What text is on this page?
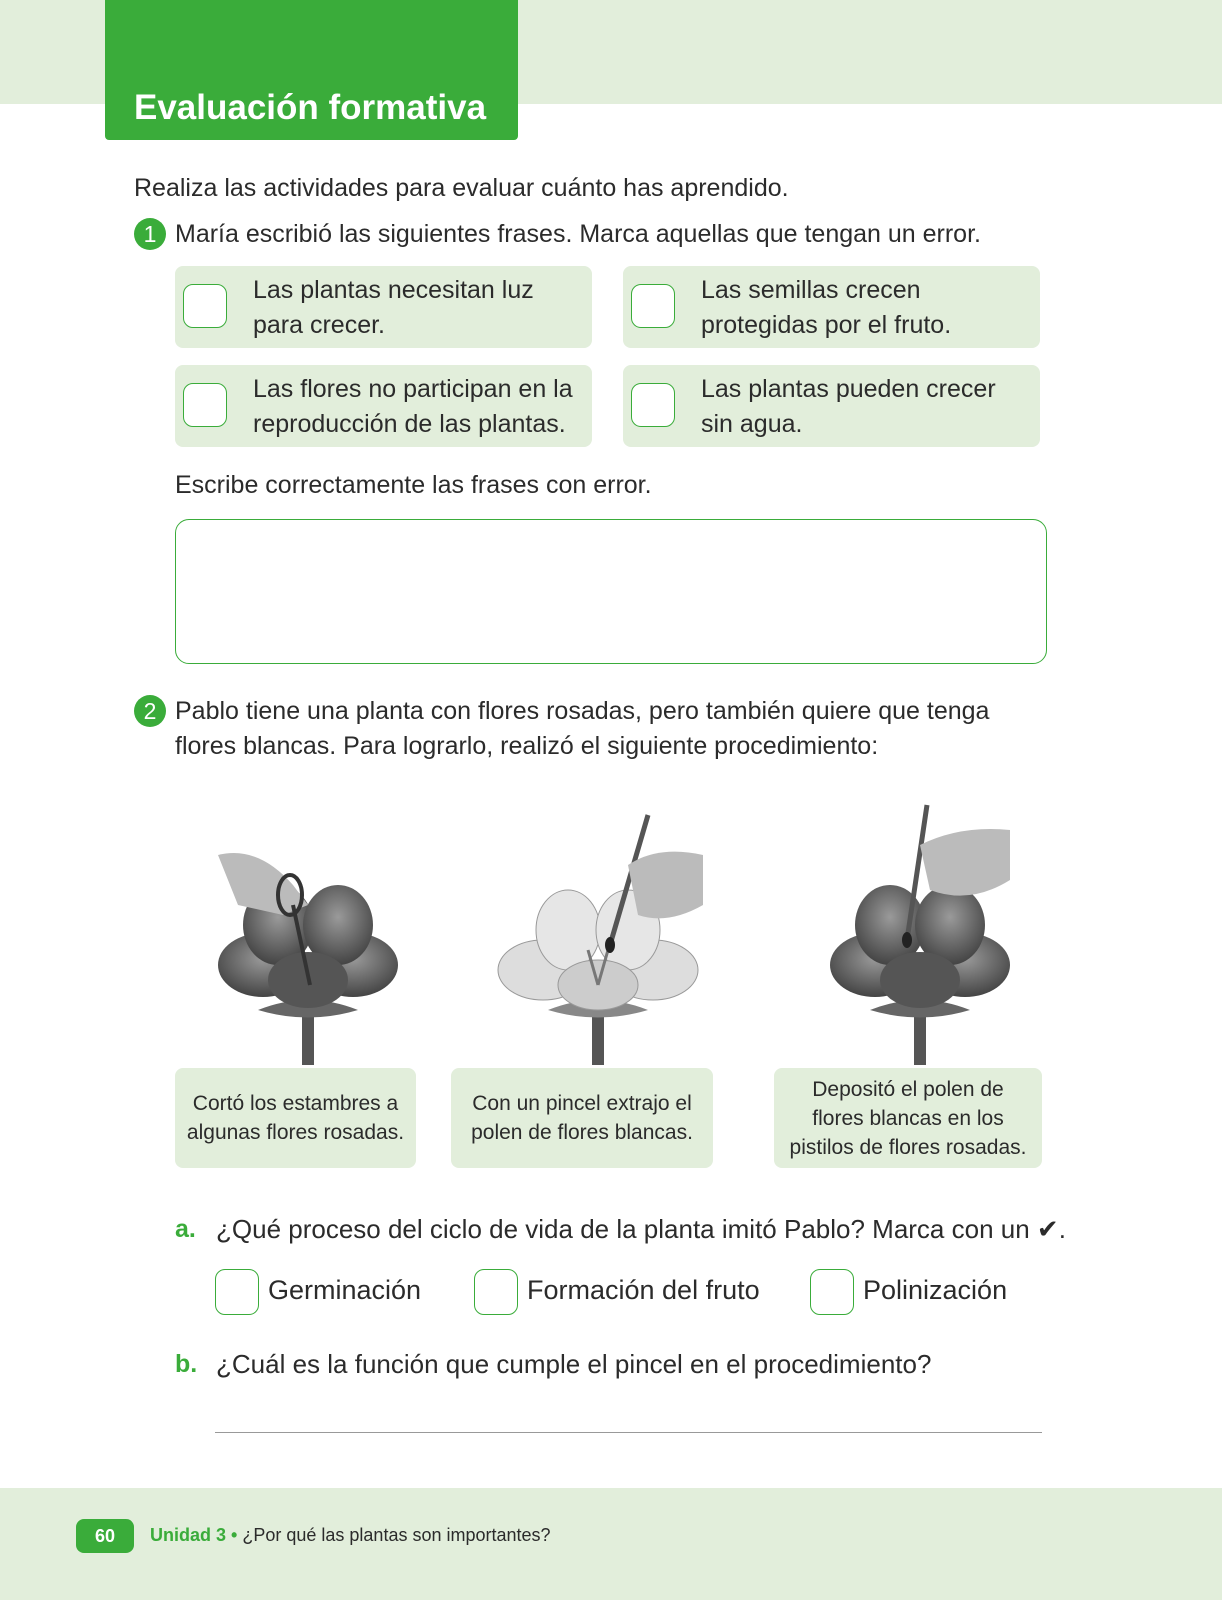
Evaluación formativa
Realiza las actividades para evaluar cuánto has aprendido.
1 María escribió las siguientes frases. Marca aquellas que tengan un error.
Las plantas necesitan luz
para crecer.
Las semillas crecen
protegidas por el fruto.
Las flores no participan en la
reproducción de las plantas.
Las plantas pueden crecer
sin agua.
Escribe correctamente las frases con error.
2 Pablo tiene una planta con flores rosadas, pero también quiere que tenga
flores blancas. Para lograrlo, realizó el siguiente procedimiento:
Cortó los estambres a
algunas flores rosadas.
Con un pincel extrajo el
polen de flores blancas.
Depositó el polen de
flores blancas en los
pistilos de flores rosadas.
a. ¿Qué proceso del ciclo de vida de la planta imitó Pablo? Marca con un ✔.
Germinación	Formación del fruto	Polinización
b. ¿Cuál es la función que cumple el pincel en el procedimiento?
60	Unidad 3 • ¿Por qué las plantas son importantes?
